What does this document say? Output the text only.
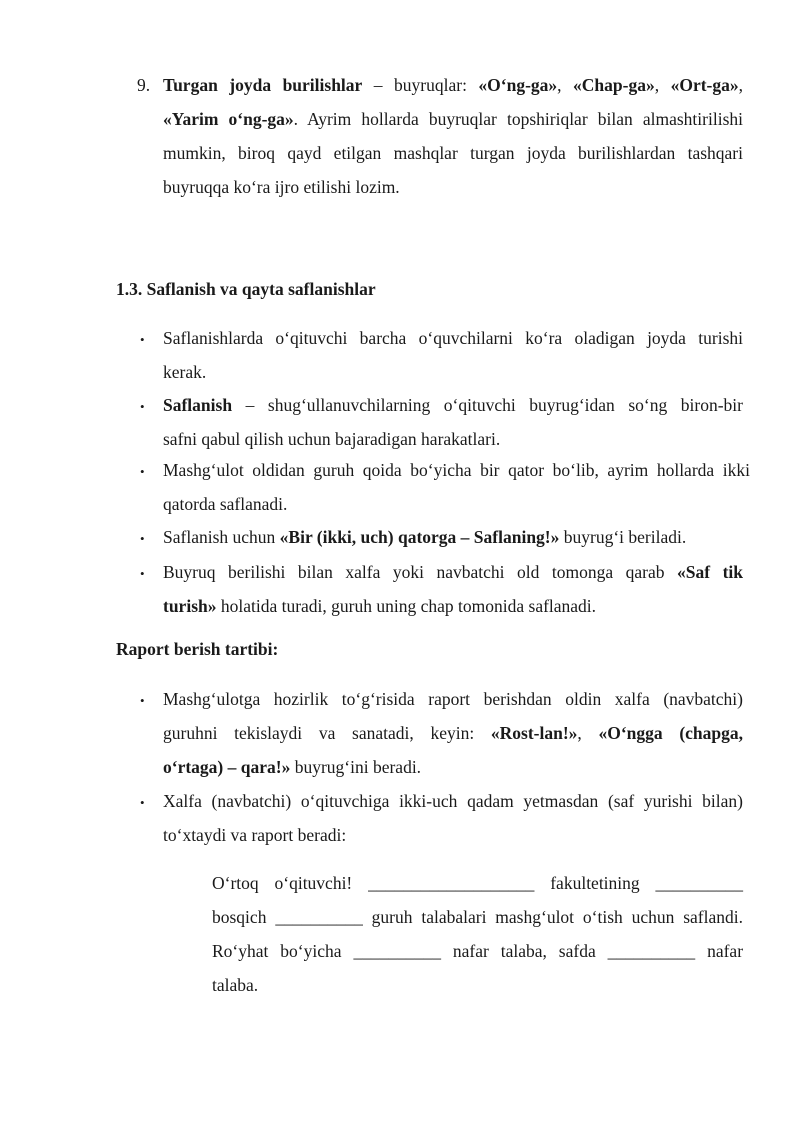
9. Turgan joyda burilishlar – buyruqlar: «O‘ng-ga», «Chap-ga», «Ort-ga»,
«Yarim o‘ng-ga». Ayrim hollarda buyruqlar topshiriqlar bilan almashtirilishi
mumkin, biroq qayd etilgan mashqlar turgan joyda burilishlardan tashqari
buyruqqa ko‘ra ijro etilishi lozim.
1.3. Saflanish va qayta saflanishlar
• Saflanishlarda o‘qituvchi barcha o‘quvchilarni ko‘ra oladigan joyda turishi
kerak.
• Saflanish – shug‘ullanuvchilarning o‘qituvchi buyrug‘idan so‘ng biron-bir
safni qabul qilish uchun bajaradigan harakatlari.
• Mashg‘ulot oldidan guruh qoida bo‘yicha bir qator bo‘lib, ayrim hollarda ikki
qatorda saflanadi.
• Saflanish uchun «Bir (ikki, uch) qatorga – Saflaning!» buyrug‘i beriladi.
• Buyruq berilishi bilan xalfa yoki navbatchi old tomonga qarab «Saf tik
turish» holatida turadi, guruh uning chap tomonida saflanadi.
Raport berish tartibi:
• Mashg‘ulotga hozirlik to‘g‘risida raport berishdan oldin xalfa (navbatchi)
guruhni tekislaydi va sanatadi, keyin: «Rost-lan!», «O‘ngga (chapga,
o‘rtaga) – qara!» buyrug‘ini beradi.
• Xalfa (navbatchi) o‘qituvchiga ikki-uch qadam yetmasdan (saf yurishi bilan)
to‘xtaydi va raport beradi:
O‘rtoq o‘qituvchi! ___________________ fakultetining __________
bosqich __________ guruh talabalari mashg‘ulot o‘tish uchun saflandi.
Ro‘yhat bo‘yicha __________ nafar talaba, safda __________ nafar
talaba.
